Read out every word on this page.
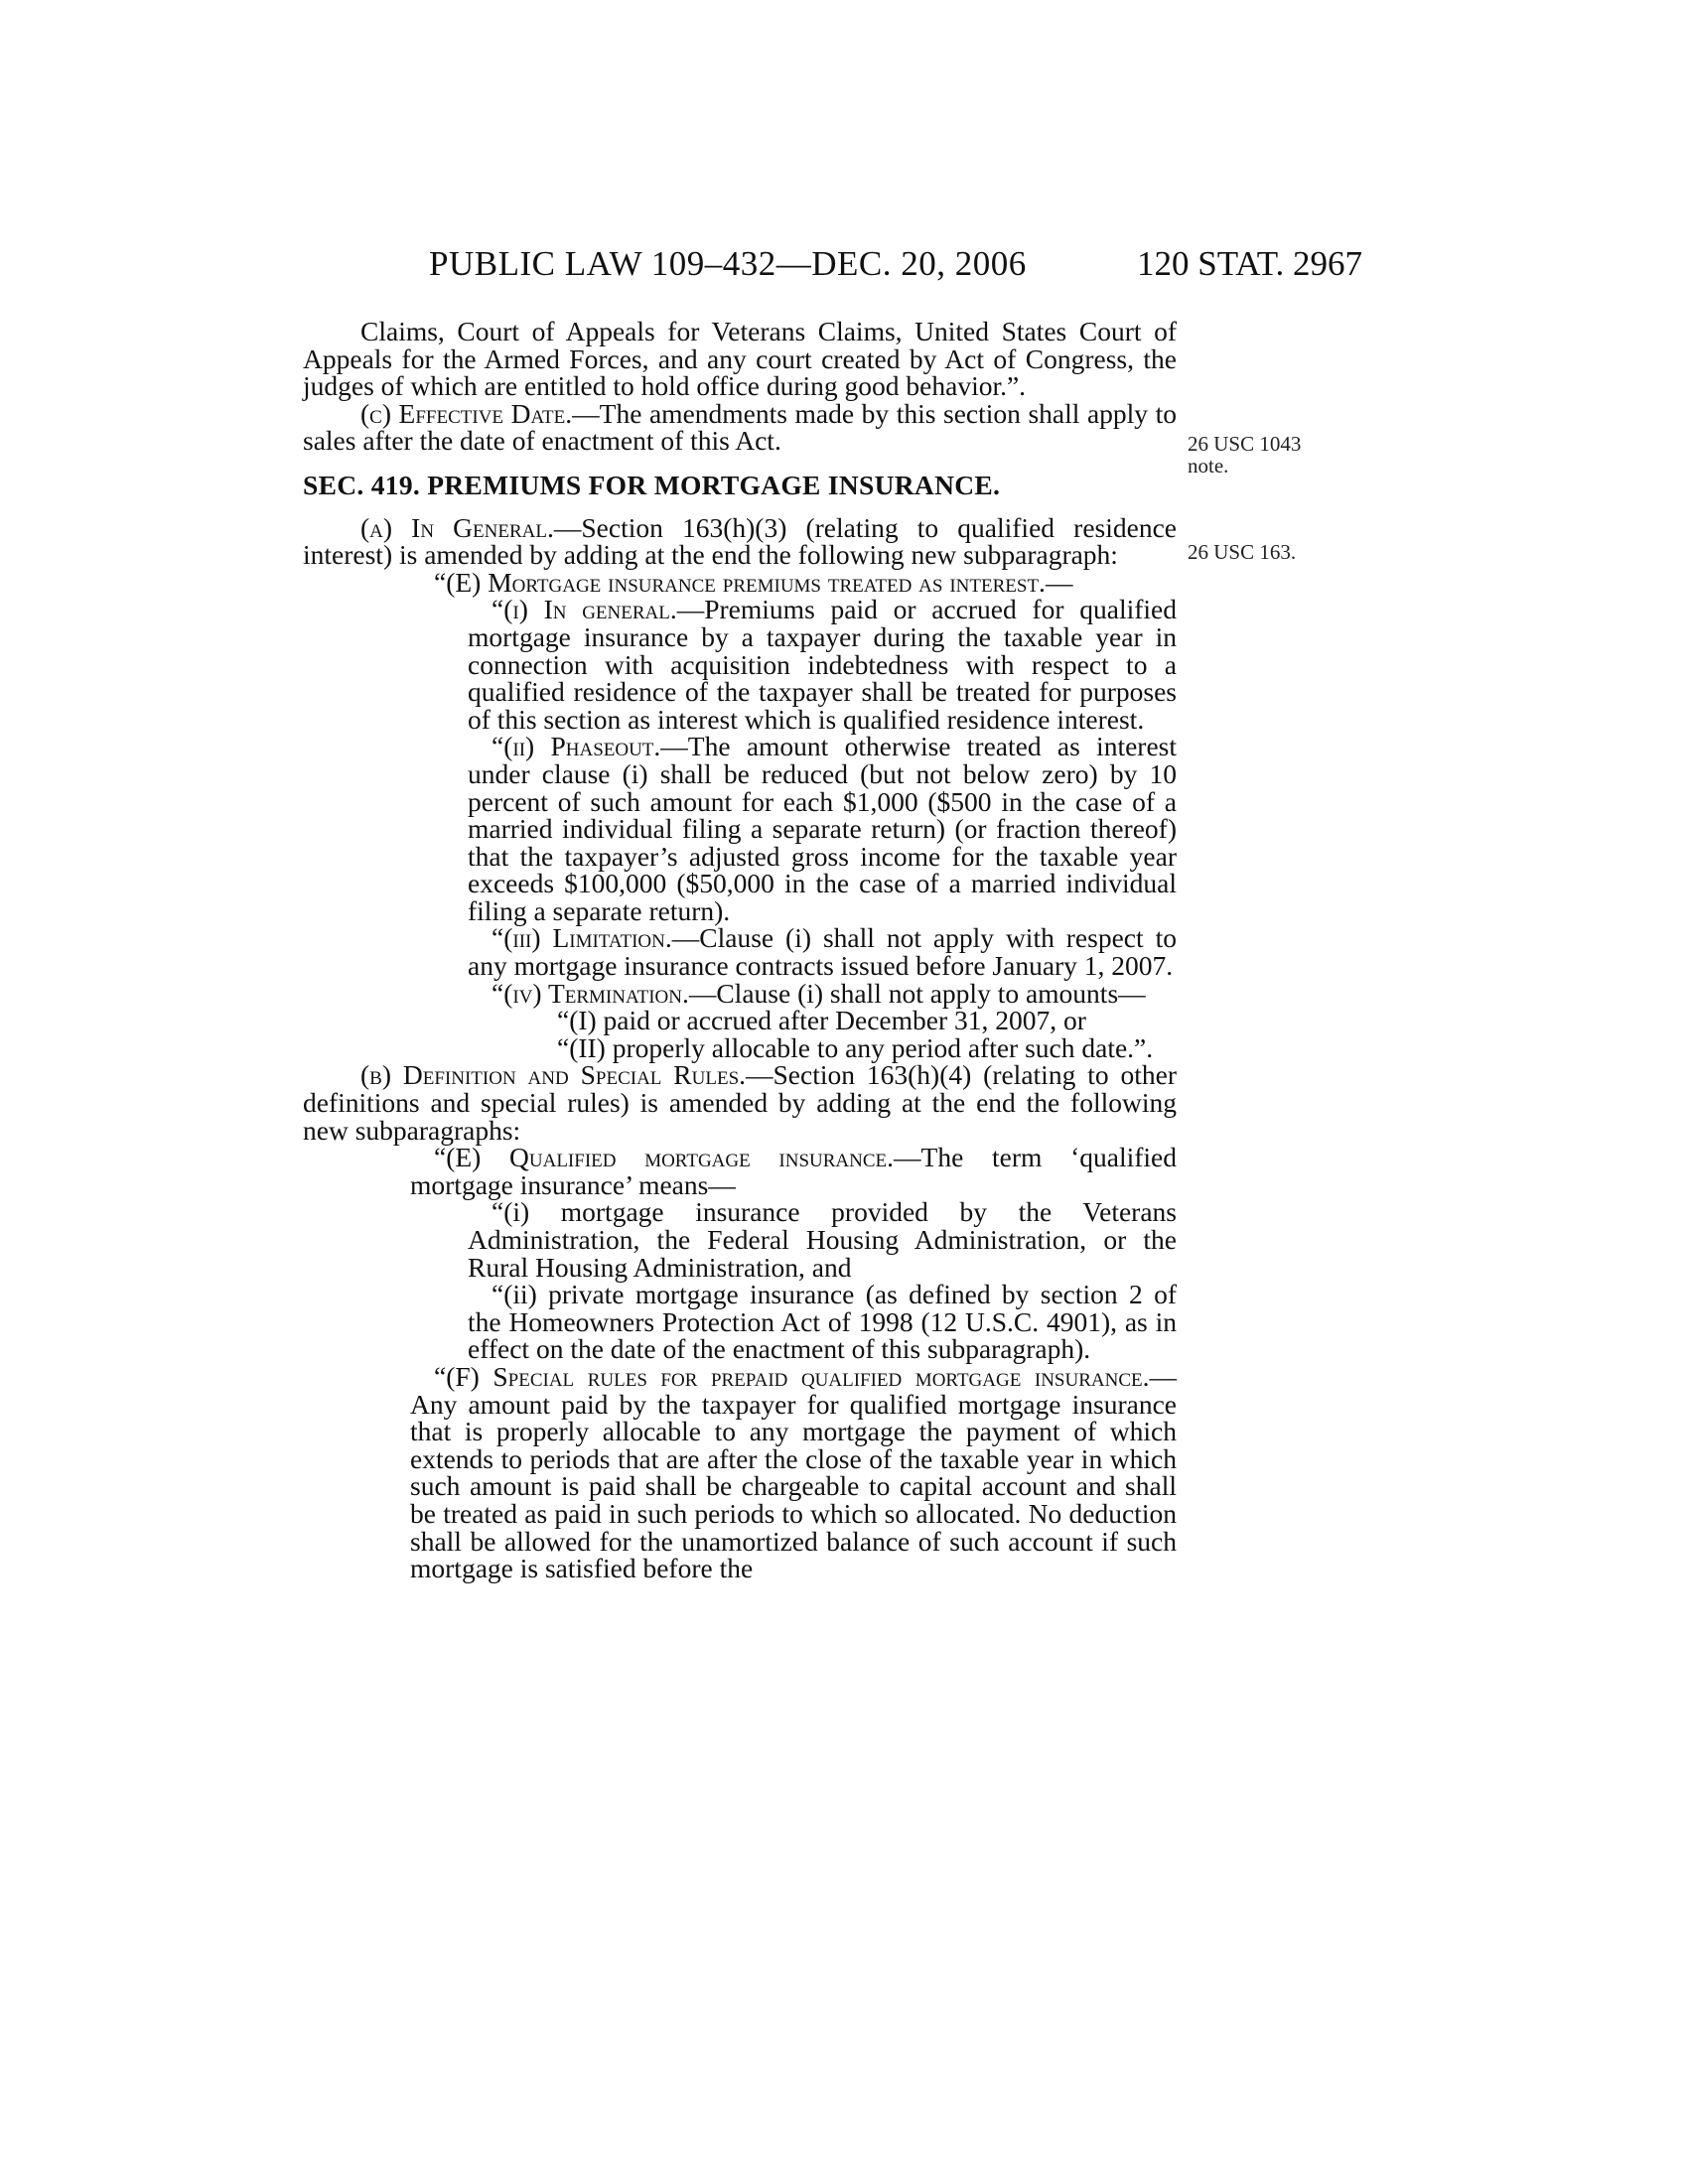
PUBLIC LAW 109–432—DEC. 20, 2006	120 STAT. 2967
26 USC 1043
note.
26 USC 163.

Claims, Court of Appeals for Veterans Claims, United States Court of Appeals for the Armed Forces, and any court created by Act of Congress, the judges of which are entitled to hold office during good behavior.”.

(c) Effective Date.—The amendments made by this section shall apply to sales after the date of enactment of this Act.

SEC. 419. PREMIUMS FOR MORTGAGE INSURANCE.

(a) In General.—Section 163(h)(3) (relating to qualified residence interest) is amended by adding at the end the following new subparagraph:

“(E) Mortgage insurance premiums treated as interest.—

“(i) In general.—Premiums paid or accrued for qualified mortgage insurance by a taxpayer during the taxable year in connection with acquisition indebtedness with respect to a qualified residence of the taxpayer shall be treated for purposes of this section as interest which is qualified residence interest.

“(ii) Phaseout.—The amount otherwise treated as interest under clause (i) shall be reduced (but not below zero) by 10 percent of such amount for each $1,000 ($500 in the case of a married individual filing a separate return) (or fraction thereof) that the taxpayer’s adjusted gross income for the taxable year exceeds $100,000 ($50,000 in the case of a married individual filing a separate return).

“(iii) Limitation.—Clause (i) shall not apply with respect to any mortgage insurance contracts issued before January 1, 2007.

“(iv) Termination.—Clause (i) shall not apply to amounts—

“(I) paid or accrued after December 31, 2007, or

“(II) properly allocable to any period after such date.”.

(b) Definition and Special Rules.—Section 163(h)(4) (relating to other definitions and special rules) is amended by adding at the end the following new subparagraphs:

“(E) Qualified mortgage insurance.—The term ‘qualified mortgage insurance’ means—

“(i) mortgage insurance provided by the Veterans Administration, the Federal Housing Administration, or the Rural Housing Administration, and

“(ii) private mortgage insurance (as defined by section 2 of the Homeowners Protection Act of 1998 (12 U.S.C. 4901), as in effect on the date of the enactment of this subparagraph).

“(F) Special rules for prepaid qualified mortgage insurance.—Any amount paid by the taxpayer for qualified mortgage insurance that is properly allocable to any mortgage the payment of which extends to periods that are after the close of the taxable year in which such amount is paid shall be chargeable to capital account and shall be treated as paid in such periods to which so allocated. No deduction shall be allowed for the unamortized balance of such account if such mortgage is satisfied before the
